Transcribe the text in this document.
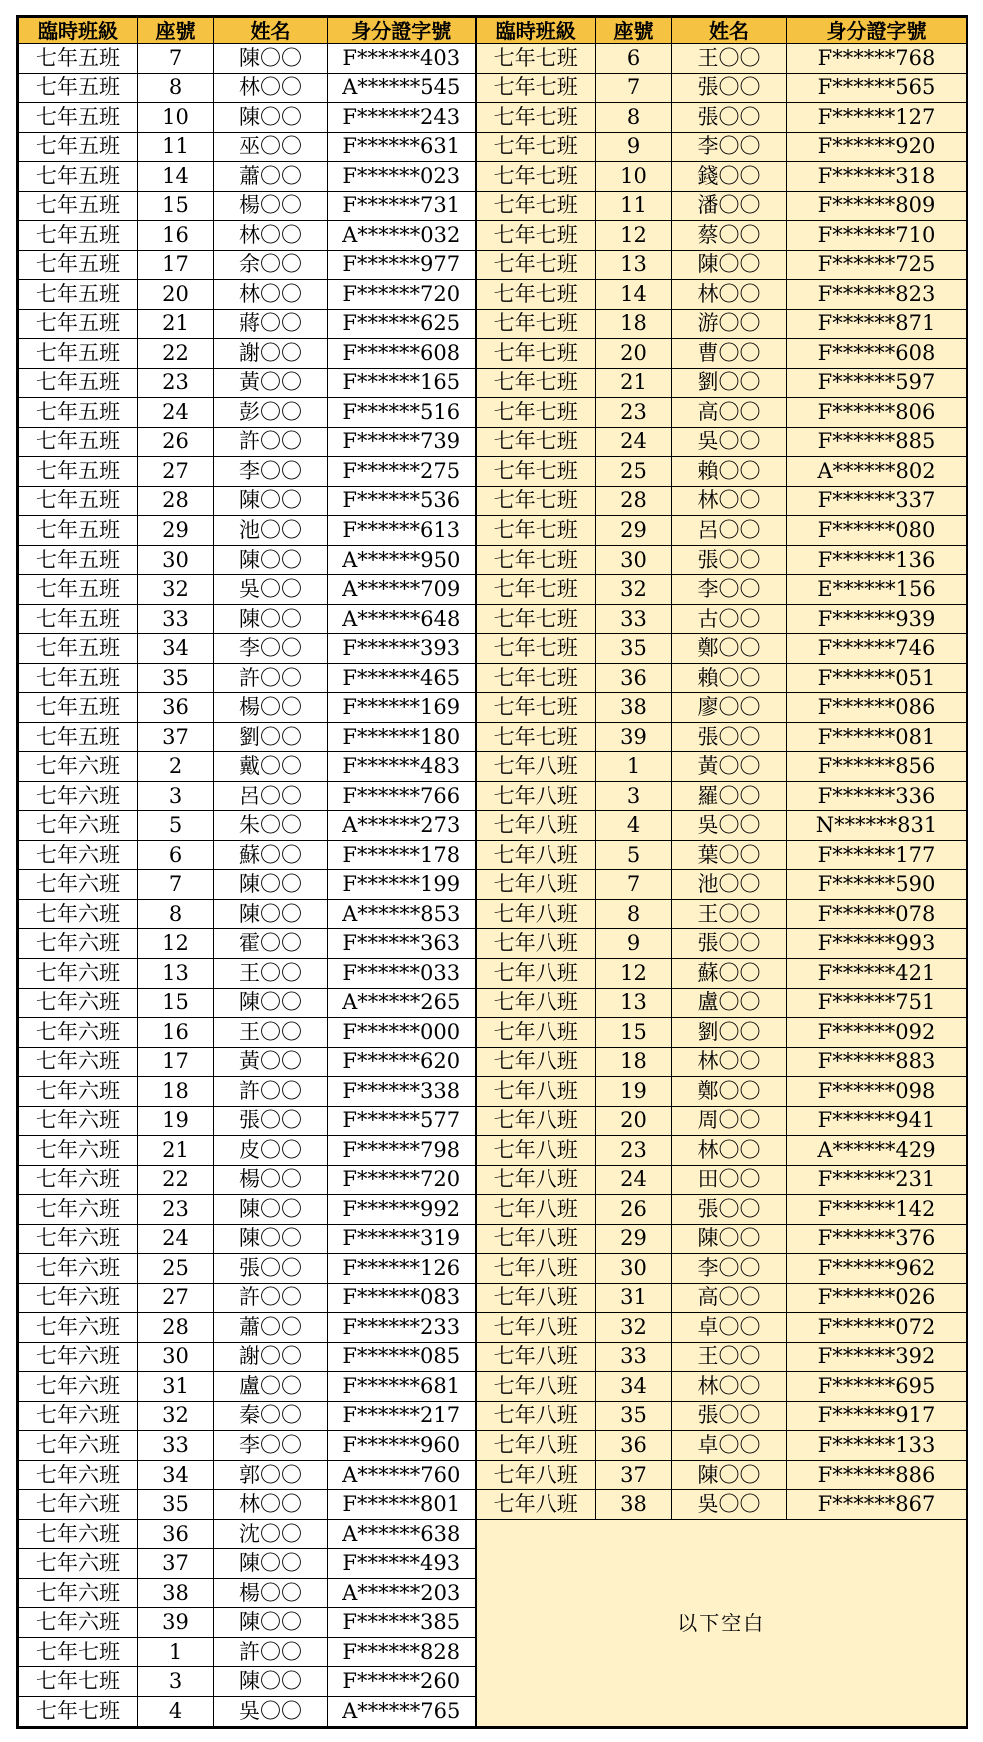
臨時班級	座號	姓名	身分證字號	臨時班級	座號	姓名	身分證字號
七年五班	7	陳〇〇	F******403	七年七班	6	王〇〇	F******768
七年五班	8	林〇〇	A******545	七年七班	7	張〇〇	F******565
七年五班	10	陳〇〇	F******243	七年七班	8	張〇〇	F******127
七年五班	11	巫〇〇	F******631	七年七班	9	李〇〇	F******920
七年五班	14	蕭〇〇	F******023	七年七班	10	錢〇〇	F******318
七年五班	15	楊〇〇	F******731	七年七班	11	潘〇〇	F******809
七年五班	16	林〇〇	A******032	七年七班	12	蔡〇〇	F******710
七年五班	17	余〇〇	F******977	七年七班	13	陳〇〇	F******725
七年五班	20	林〇〇	F******720	七年七班	14	林〇〇	F******823
七年五班	21	蔣〇〇	F******625	七年七班	18	游〇〇	F******871
七年五班	22	謝〇〇	F******608	七年七班	20	曹〇〇	F******608
七年五班	23	黃〇〇	F******165	七年七班	21	劉〇〇	F******597
七年五班	24	彭〇〇	F******516	七年七班	23	高〇〇	F******806
七年五班	26	許〇〇	F******739	七年七班	24	吳〇〇	F******885
七年五班	27	李〇〇	F******275	七年七班	25	賴〇〇	A******802
七年五班	28	陳〇〇	F******536	七年七班	28	林〇〇	F******337
七年五班	29	池〇〇	F******613	七年七班	29	呂〇〇	F******080
七年五班	30	陳〇〇	A******950	七年七班	30	張〇〇	F******136
七年五班	32	吳〇〇	A******709	七年七班	32	李〇〇	E******156
七年五班	33	陳〇〇	A******648	七年七班	33	古〇〇	F******939
七年五班	34	李〇〇	F******393	七年七班	35	鄭〇〇	F******746
七年五班	35	許〇〇	F******465	七年七班	36	賴〇〇	F******051
七年五班	36	楊〇〇	F******169	七年七班	38	廖〇〇	F******086
七年五班	37	劉〇〇	F******180	七年七班	39	張〇〇	F******081
七年六班	2	戴〇〇	F******483	七年八班	1	黃〇〇	F******856
七年六班	3	呂〇〇	F******766	七年八班	3	羅〇〇	F******336
七年六班	5	朱〇〇	A******273	七年八班	4	吳〇〇	N******831
七年六班	6	蘇〇〇	F******178	七年八班	5	葉〇〇	F******177
七年六班	7	陳〇〇	F******199	七年八班	7	池〇〇	F******590
七年六班	8	陳〇〇	A******853	七年八班	8	王〇〇	F******078
七年六班	12	霍〇〇	F******363	七年八班	9	張〇〇	F******993
七年六班	13	王〇〇	F******033	七年八班	12	蘇〇〇	F******421
七年六班	15	陳〇〇	A******265	七年八班	13	盧〇〇	F******751
七年六班	16	王〇〇	F******000	七年八班	15	劉〇〇	F******092
七年六班	17	黃〇〇	F******620	七年八班	18	林〇〇	F******883
七年六班	18	許〇〇	F******338	七年八班	19	鄭〇〇	F******098
七年六班	19	張〇〇	F******577	七年八班	20	周〇〇	F******941
七年六班	21	皮〇〇	F******798	七年八班	23	林〇〇	A******429
七年六班	22	楊〇〇	F******720	七年八班	24	田〇〇	F******231
七年六班	23	陳〇〇	F******992	七年八班	26	張〇〇	F******142
七年六班	24	陳〇〇	F******319	七年八班	29	陳〇〇	F******376
七年六班	25	張〇〇	F******126	七年八班	30	李〇〇	F******962
七年六班	27	許〇〇	F******083	七年八班	31	高〇〇	F******026
七年六班	28	蕭〇〇	F******233	七年八班	32	卓〇〇	F******072
七年六班	30	謝〇〇	F******085	七年八班	33	王〇〇	F******392
七年六班	31	盧〇〇	F******681	七年八班	34	林〇〇	F******695
七年六班	32	秦〇〇	F******217	七年八班	35	張〇〇	F******917
七年六班	33	李〇〇	F******960	七年八班	36	卓〇〇	F******133
七年六班	34	郭〇〇	A******760	七年八班	37	陳〇〇	F******886
七年六班	35	林〇〇	F******801	七年八班	38	吳〇〇	F******867
七年六班	36	沈〇〇	A******638	以下空白			
七年六班	37	陳〇〇	F******493				
七年六班	38	楊〇〇	A******203				
七年六班	39	陳〇〇	F******385				
七年七班	1	許〇〇	F******828				
七年七班	3	陳〇〇	F******260				
七年七班	4	吳〇〇	A******765				
